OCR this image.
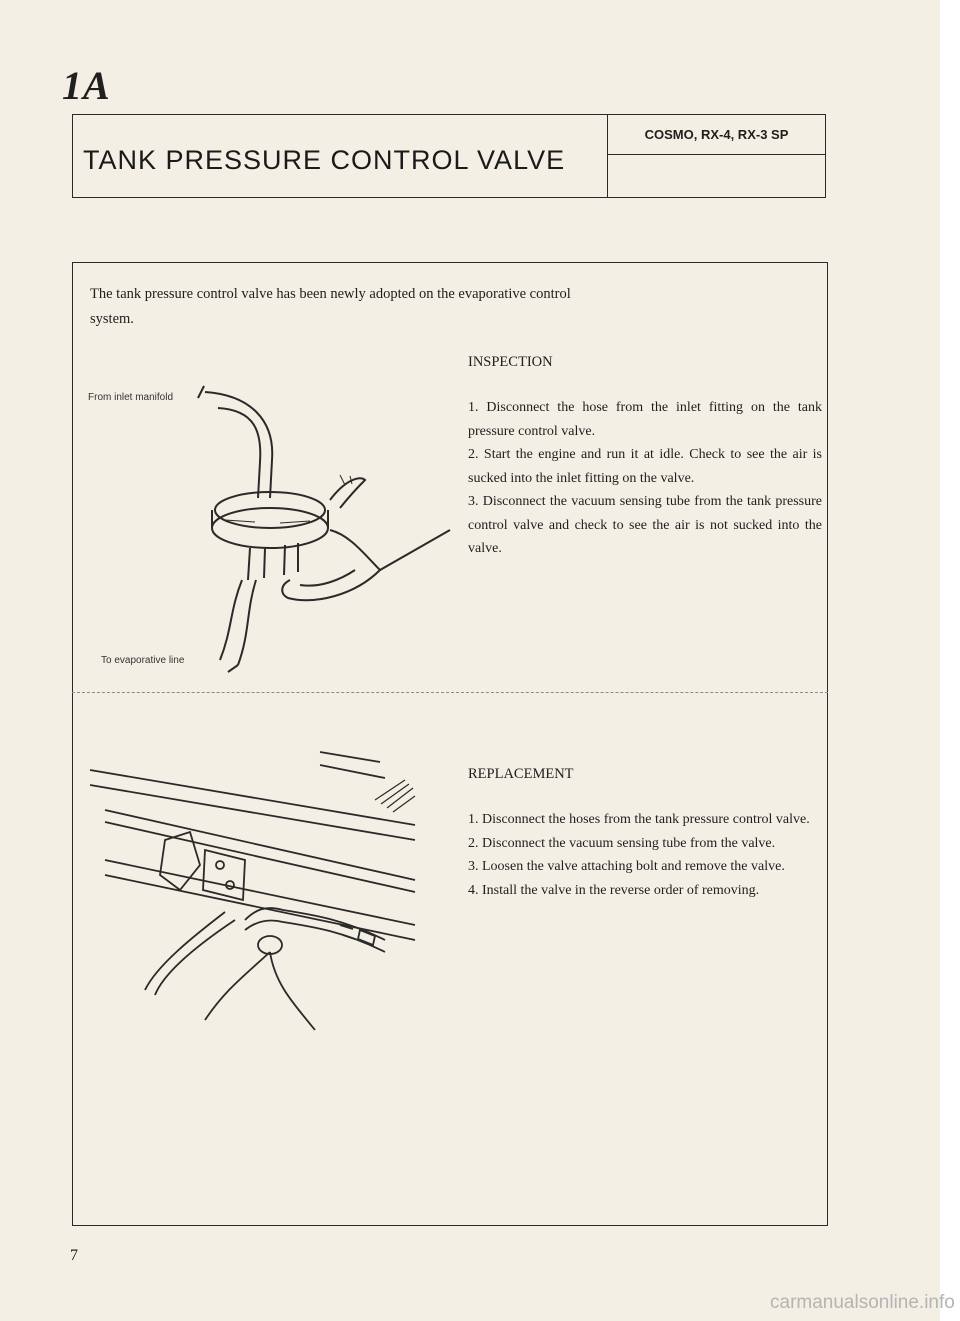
1A
TANK PRESSURE CONTROL VALVE
COSMO, RX-4, RX-3 SP
The tank pressure control valve has been newly adopted on the evaporative control system.
From inlet manifold
To evaporative line
INSPECTION
1. Disconnect the hose from the inlet fitting on the tank pressure control valve.
2. Start the engine and run it at idle. Check to see the air is sucked into the inlet fitting on the valve.
3. Disconnect the vacuum sensing tube from the tank pressure control valve and check to see the air is not sucked into the valve.
REPLACEMENT
1. Disconnect the hoses from the tank pressure control valve.
2. Disconnect the vacuum sensing tube from the valve.
3. Loosen the valve attaching bolt and remove the valve.
4. Install the valve in the reverse order of removing.
7
carmanualsonline.info
